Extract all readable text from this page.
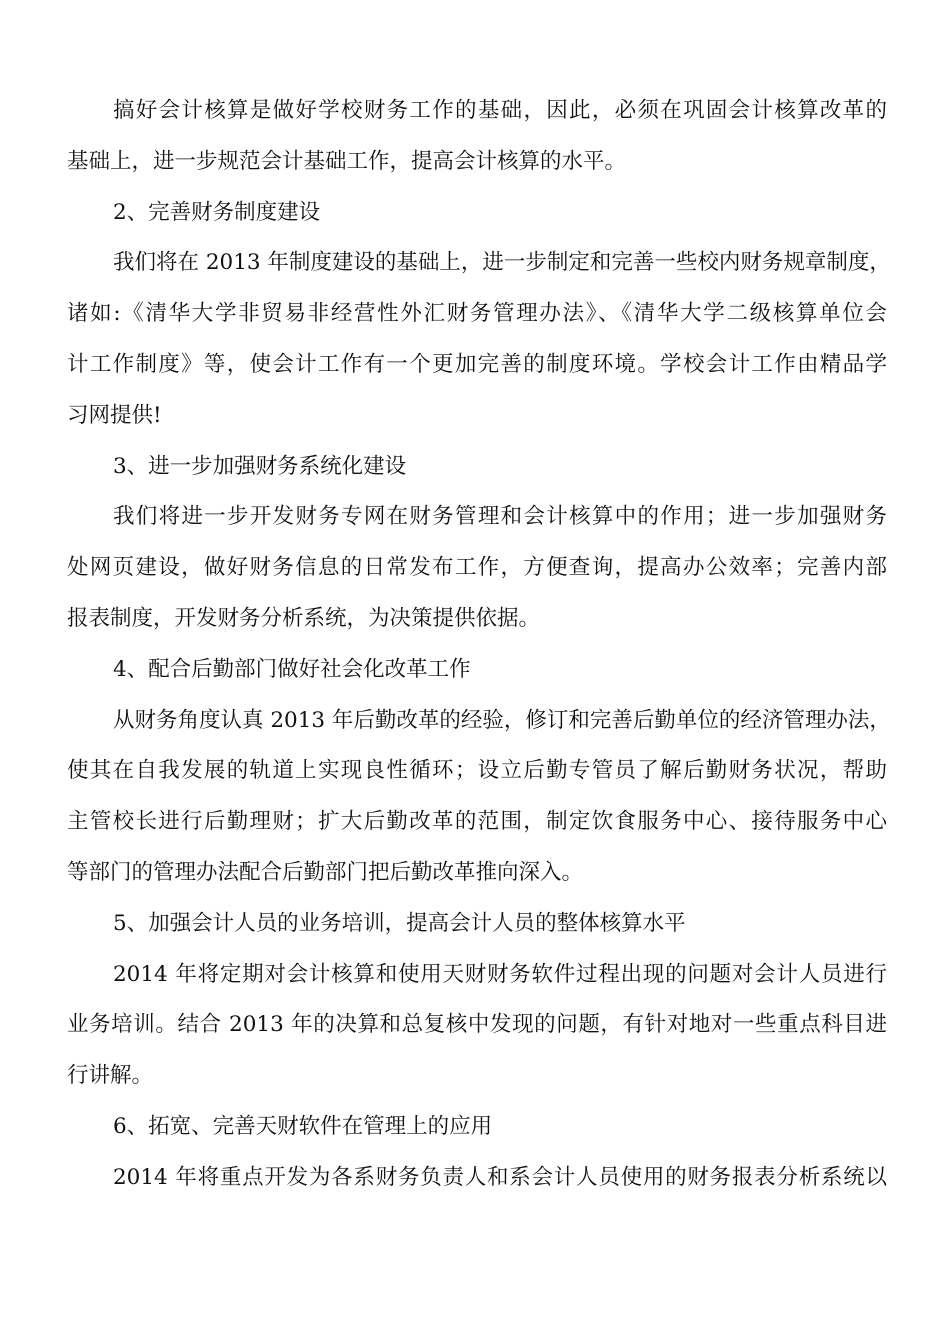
搞好会计核算是做好学校财务工作的基础，因此，必须在巩固会计核算改革的
基础上，进一步规范会计基础工作，提高会计核算的水平。
2、完善财务制度建设
我们将在 2013 年制度建设的基础上，进一步制定和完善一些校内财务规章制度，
诸如:《清华大学非贸易非经营性外汇财务管理办法》、《清华大学二级核算单位会
计工作制度》等，使会计工作有一个更加完善的制度环境。学校会计工作由精品学
习网提供!
3、进一步加强财务系统化建设
我们将进一步开发财务专网在财务管理和会计核算中的作用；进一步加强财务
处网页建设，做好财务信息的日常发布工作，方便查询，提高办公效率；完善内部
报表制度，开发财务分析系统，为决策提供依据。
4、配合后勤部门做好社会化改革工作
从财务角度认真 2013 年后勤改革的经验，修订和完善后勤单位的经济管理办法，
使其在自我发展的轨道上实现良性循环；设立后勤专管员了解后勤财务状况，帮助
主管校长进行后勤理财；扩大后勤改革的范围，制定饮食服务中心、接待服务中心
等部门的管理办法配合后勤部门把后勤改革推向深入。
5、加强会计人员的业务培训，提高会计人员的整体核算水平
2014 年将定期对会计核算和使用天财财务软件过程出现的问题对会计人员进行
业务培训。结合 2013 年的决算和总复核中发现的问题，有针对地对一些重点科目进
行讲解。
6、拓宽、完善天财软件在管理上的应用
2014 年将重点开发为各系财务负责人和系会计人员使用的财务报表分析系统以
